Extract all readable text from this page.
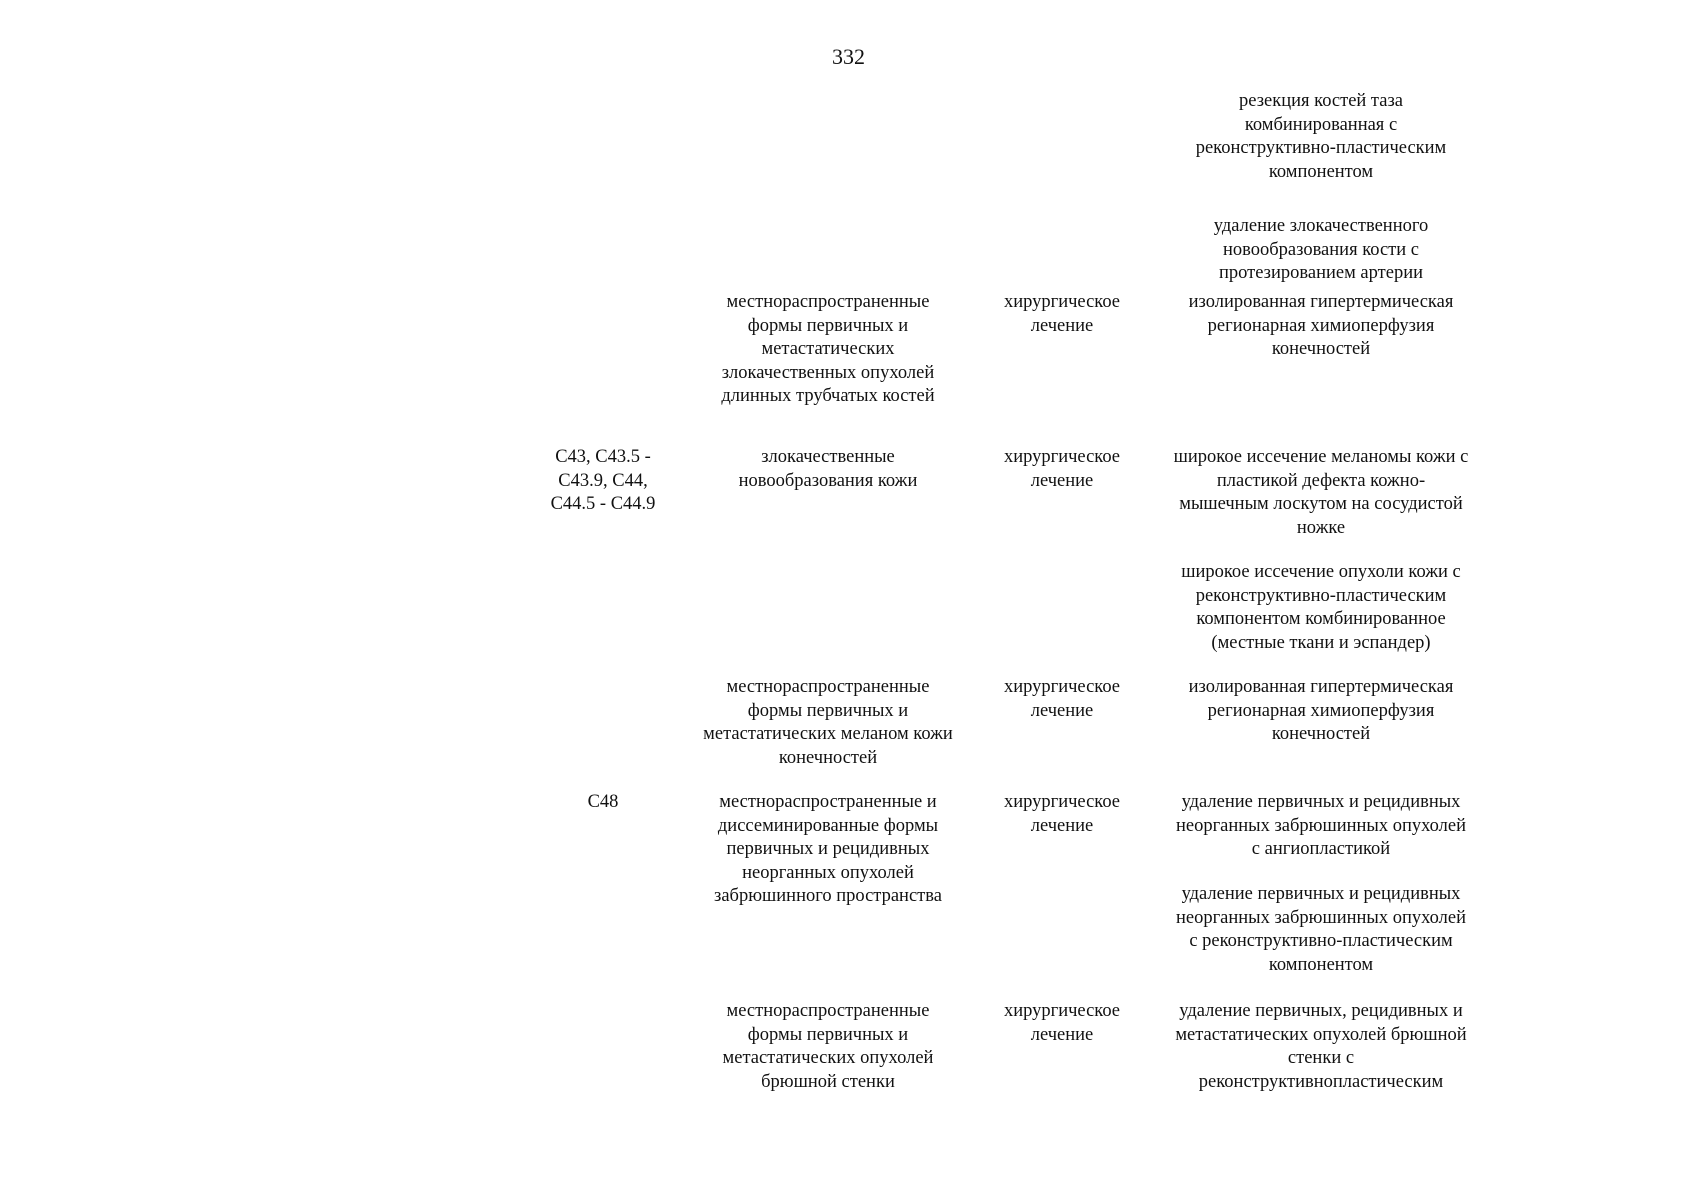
332
резекция костей таза
комбинированная с
реконструктивно-пластическим
компонентом
удаление злокачественного
новообразования кости с
протезированием артерии
местнораспространенные
формы первичных и
метастатических
злокачественных опухолей
длинных трубчатых костей
хирургическое
лечение
изолированная гипертермическая
регионарная химиоперфузия
конечностей
C43, C43.5 -
C43.9, C44,
C44.5 - C44.9
злокачественные
новообразования кожи
хирургическое
лечение
широкое иссечение меланомы кожи с
пластикой дефекта кожно-
мышечным лоскутом на сосудистой
ножке
широкое иссечение опухоли кожи с
реконструктивно-пластическим
компонентом комбинированное
(местные ткани и эспандер)
местнораспространенные
формы первичных и
метастатических меланом кожи
конечностей
хирургическое
лечение
изолированная гипертермическая
регионарная химиоперфузия
конечностей
C48	местнораспространенные и
диссеминированные формы
первичных и рецидивных
неорганных опухолей
забрюшинного пространства
хирургическое
лечение
удаление первичных и рецидивных
неорганных забрюшинных опухолей
с ангиопластикой
удаление первичных и рецидивных
неорганных забрюшинных опухолей
с реконструктивно-пластическим
компонентом
местнораспространенные
формы первичных и
метастатических опухолей
брюшной стенки
хирургическое
лечение
удаление первичных, рецидивных и
метастатических опухолей брюшной
стенки с
реконструктивнопластическим
